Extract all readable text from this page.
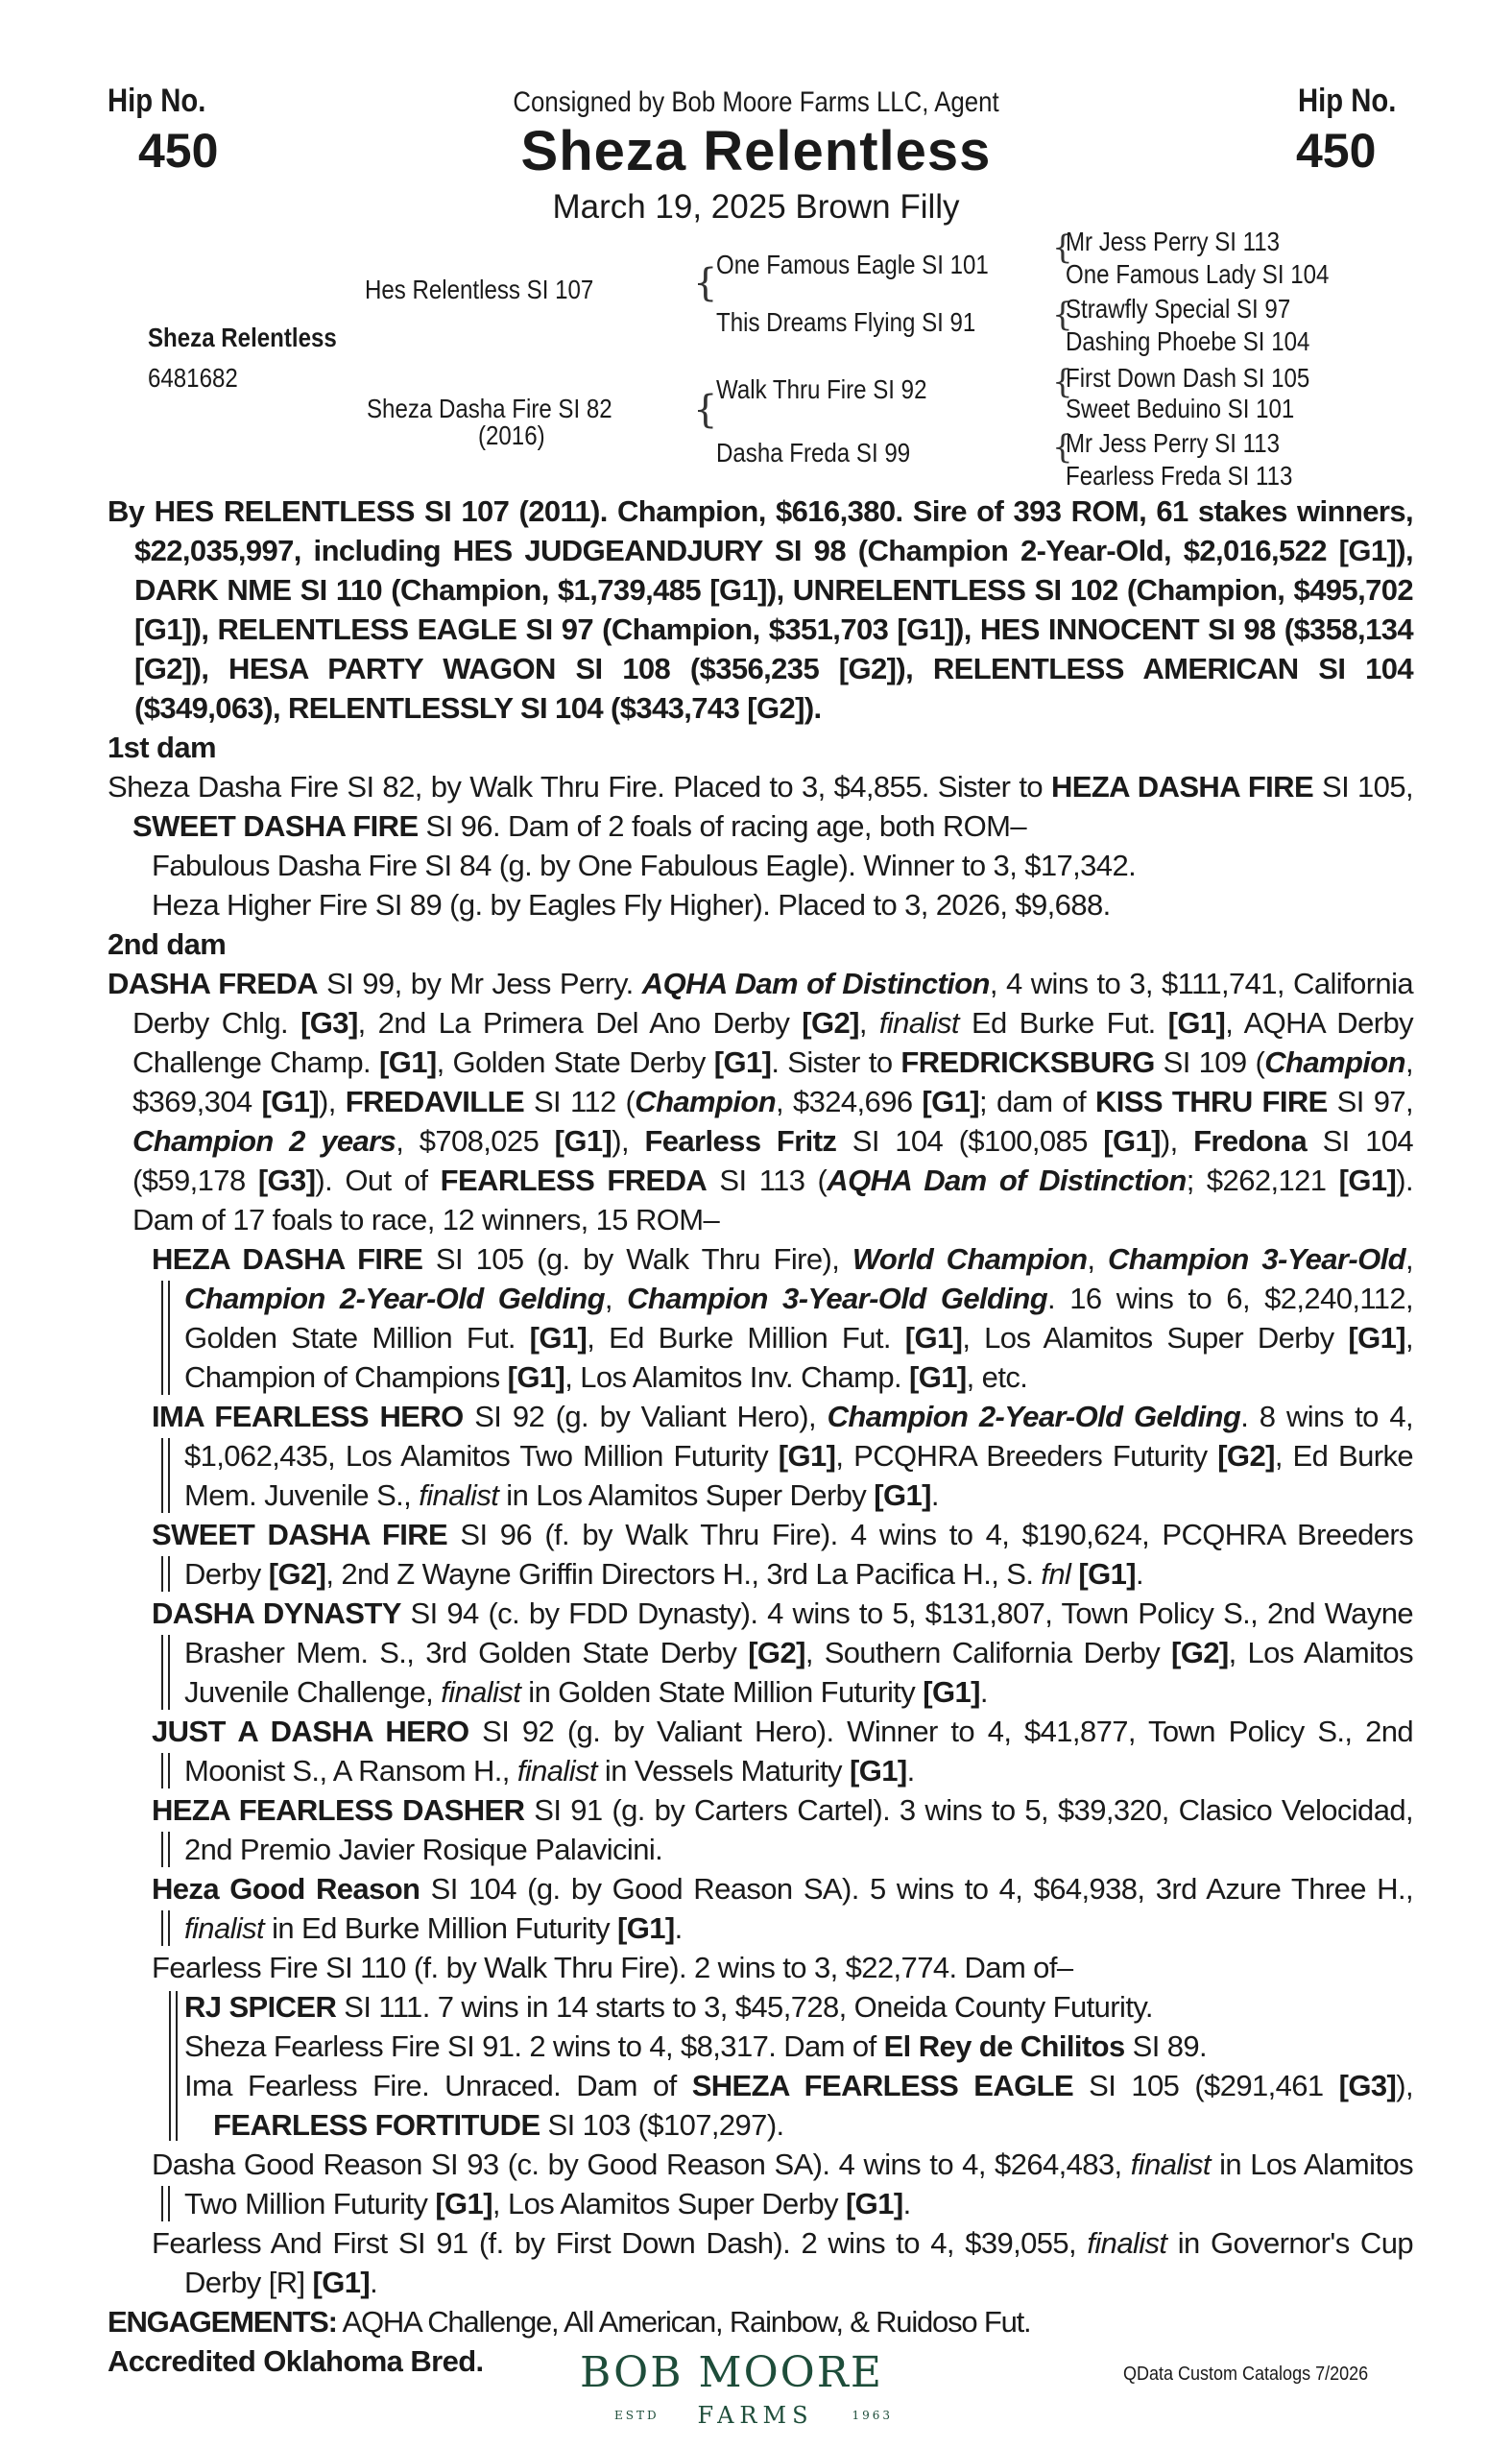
Hip No.
450
Hip No.
450
Consigned by Bob Moore Farms LLC, Agent
Sheza Relentless
March 19, 2025 Brown Filly
Sheza Relentless
6481682
Hes Relentless SI 107
Sheza Dasha Fire SI 82
(2016)
{
{
One Famous Eagle SI 101
This Dreams Flying SI 91
Walk Thru Fire SI 92
Dasha Freda SI 99
{
{
{
{
Mr Jess Perry SI 113
One Famous Lady SI 104
Strawfly Special SI 97
Dashing Phoebe SI 104
First Down Dash SI 105
Sweet Beduino SI 101
Mr Jess Perry SI 113
Fearless Freda SI 113

By HES RELENTLESS SI 107 (2011). Champion, $616,380. Sire of 393 ROM, 61 stakes winners, $22,035,997, including HES JUDGEANDJURY SI 98 (Champion 2-Year-Old, $2,016,522 [G1]), DARK NME SI 110 (Champion, $1,739,485 [G1]), UNRELENTLESS SI 102 (Champion, $495,702 [G1]), RELENTLESS EAGLE SI 97 (Champion, $351,703 [G1]), HES INNOCENT SI 98 ($358,134 [G2]), HESA PARTY WAGON SI 108 ($356,235 [G2]), RELENTLESS AMERICAN SI 104 ($349,063), RELENTLESSLY SI 104 ($343,743 [G2]).

1st dam

Sheza Dasha Fire SI 82, by Walk Thru Fire. Placed to 3, $4,855. Sister to HEZA DASHA FIRE SI 105, SWEET DASHA FIRE SI 96. Dam of 2 foals of racing age, both ROM–

Fabulous Dasha Fire SI 84 (g. by One Fabulous Eagle). Winner to 3, $17,342.
Heza Higher Fire SI 89 (g. by Eagles Fly Higher). Placed to 3, 2026, $9,688.
2nd dam

DASHA FREDA SI 99, by Mr Jess Perry. AQHA Dam of Distinction, 4 wins to 3, $111,741, California Derby Chlg. [G3], 2nd La Primera Del Ano Derby [G2], finalist Ed Burke Fut. [G1], AQHA Derby Challenge Champ. [G1], Golden State Derby [G1]. Sister to FREDRICKSBURG SI 109 (Champion, $369,304 [G1]), FREDAVILLE SI 112 (Champion, $324,696 [G1]; dam of KISS THRU FIRE SI 97, Champion 2 years, $708,025 [G1]), Fearless Fritz SI 104 ($100,085 [G1]), Fredona SI 104 ($59,178 [G3]). Out of FEARLESS FREDA SI 113 (AQHA Dam of Distinction; $262,121 [G1]). Dam of 17 foals to race, 12 winners, 15 ROM–

HEZA DASHA FIRE SI 105 (g. by Walk Thru Fire), World Champion, Champion 3-Year-Old, Champion 2-Year-Old Gelding, Champion 3-Year-Old Gelding. 16 wins to 6, $2,240,112, Golden State Million Fut. [G1], Ed Burke Million Fut. [G1], Los Alamitos Super Derby [G1], Champion of Champions [G1], Los Alamitos Inv. Champ. [G1], etc.

IMA FEARLESS HERO SI 92 (g. by Valiant Hero), Champion 2-Year-Old Gelding. 8 wins to 4, $1,062,435, Los Alamitos Two Million Futurity [G1], PCQHRA Breeders Futurity [G2], Ed Burke Mem. Juvenile S., finalist in Los Alamitos Super Derby [G1].

SWEET DASHA FIRE SI 96 (f. by Walk Thru Fire). 4 wins to 4, $190,624, PCQHRA Breeders Derby [G2], 2nd Z Wayne Griffin Directors H., 3rd La Pacifica H., S. fnl [G1].

DASHA DYNASTY SI 94 (c. by FDD Dynasty). 4 wins to 5, $131,807, Town Policy S., 2nd Wayne Brasher Mem. S., 3rd Golden State Derby [G2], Southern California Derby [G2], Los Alamitos Juvenile Challenge, finalist in Golden State Million Futurity [G1].

JUST A DASHA HERO SI 92 (g. by Valiant Hero). Winner to 4, $41,877, Town Policy S., 2nd Moonist S., A Ransom H., finalist in Vessels Maturity [G1].

HEZA FEARLESS DASHER SI 91 (g. by Carters Cartel). 3 wins to 5, $39,320, Clasico Velocidad, 2nd Premio Javier Rosique Palavicini.

Heza Good Reason SI 104 (g. by Good Reason SA). 5 wins to 4, $64,938, 3rd Azure Three H., finalist in Ed Burke Million Futurity [G1].

Fearless Fire SI 110 (f. by Walk Thru Fire). 2 wins to 3, $22,774. Dam of–

RJ SPICER SI 111. 7 wins in 14 starts to 3, $45,728, Oneida County Futurity.

Sheza Fearless Fire SI 91. 2 wins to 4, $8,317. Dam of El Rey de Chilitos SI 89.

Ima Fearless Fire. Unraced. Dam of SHEZA FEARLESS EAGLE SI 105 ($291,461 [G3]), FEARLESS FORTITUDE SI 103 ($107,297).

Dasha Good Reason SI 93 (c. by Good Reason SA). 4 wins to 4, $264,483, finalist in Los Alamitos Two Million Futurity [G1], Los Alamitos Super Derby [G1].

Fearless And First SI 91 (f. by First Down Dash). 2 wins to 4, $39,055, finalist in Governor's Cup Derby [R] [G1].

ENGAGEMENTS: AQHA Challenge, All American, Rainbow, & Ruidoso Fut.
Accredited Oklahoma Bred.	BOB MOORE
ESTD FARMS	1963
QData Custom Catalogs 7/2026
